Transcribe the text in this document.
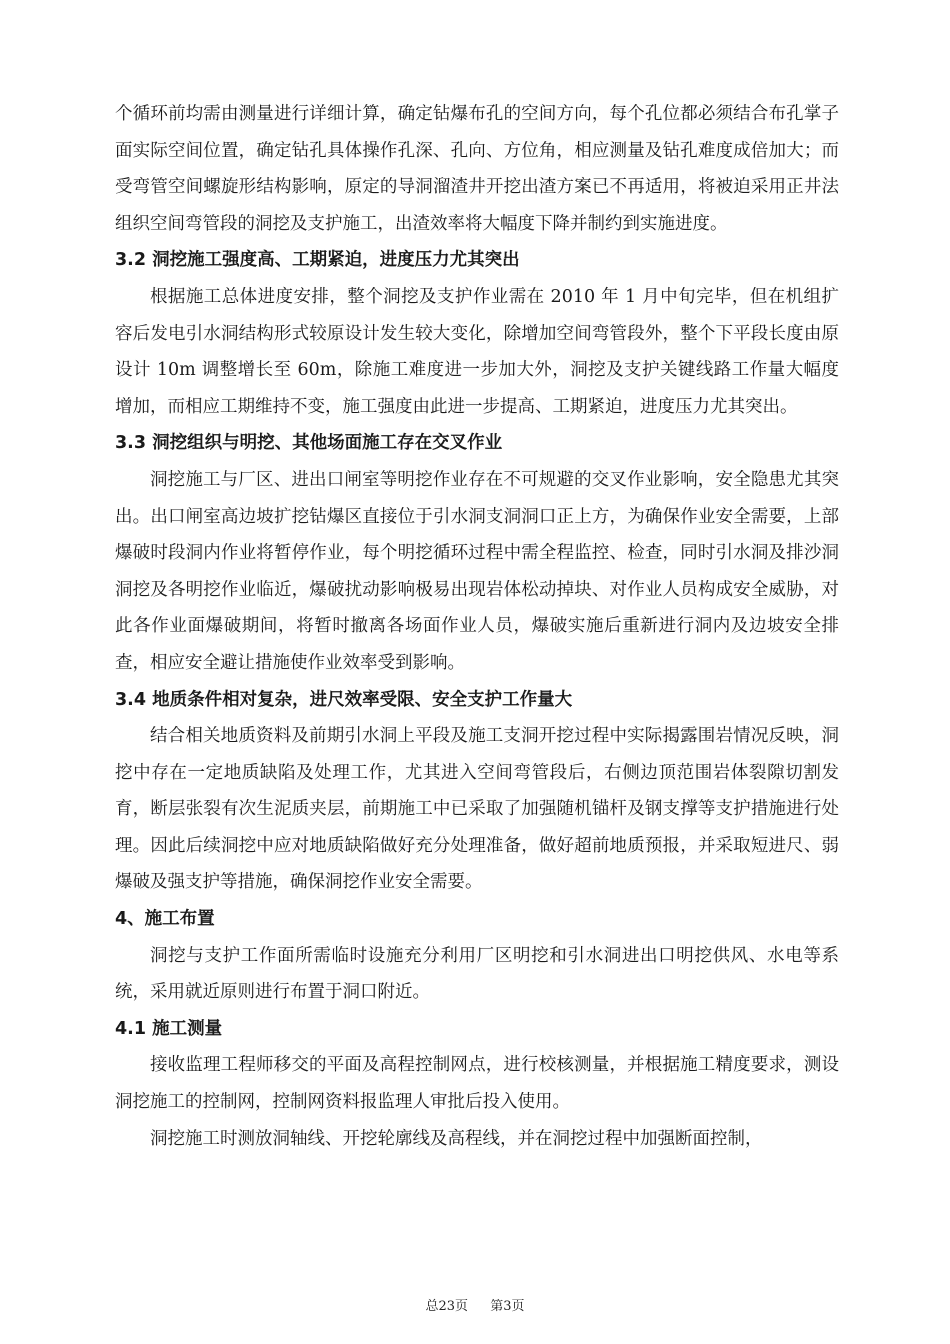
个循环前均需由测量进行详细计算，确定钻爆布孔的空间方向，每个孔位都必须结合布孔掌子面实际空间位置，确定钻孔具体操作孔深、孔向、方位角，相应测量及钻孔难度成倍加大；而受弯管空间螺旋形结构影响，原定的导洞溜渣井开挖出渣方案已不再适用，将被迫采用正井法组织空间弯管段的洞挖及支护施工，出渣效率将大幅度下降并制约到实施进度。

3.2 洞挖施工强度高、工期紧迫，进度压力尤其突出

根据施工总体进度安排，整个洞挖及支护作业需在 2010 年 1 月中旬完毕，但在机组扩容后发电引水洞结构形式较原设计发生较大变化，除增加空间弯管段外，整个下平段长度由原设计 10m 调整增长至 60m，除施工难度进一步加大外，洞挖及支护关键线路工作量大幅度增加，而相应工期维持不变，施工强度由此进一步提高、工期紧迫，进度压力尤其突出。

3.3 洞挖组织与明挖、其他场面施工存在交叉作业

洞挖施工与厂区、进出口闸室等明挖作业存在不可规避的交叉作业影响，安全隐患尤其突出。出口闸室高边坡扩挖钻爆区直接位于引水洞支洞洞口正上方，为确保作业安全需要，上部爆破时段洞内作业将暂停作业，每个明挖循环过程中需全程监控、检查，同时引水洞及排沙洞洞挖及各明挖作业临近，爆破扰动影响极易出现岩体松动掉块、对作业人员构成安全威胁，对此各作业面爆破期间，将暂时撤离各场面作业人员，爆破实施后重新进行洞内及边坡安全排查，相应安全避让措施使作业效率受到影响。

3.4 地质条件相对复杂，进尺效率受限、安全支护工作量大

结合相关地质资料及前期引水洞上平段及施工支洞开挖过程中实际揭露围岩情况反映，洞挖中存在一定地质缺陷及处理工作，尤其进入空间弯管段后，右侧边顶范围岩体裂隙切割发育，断层张裂有次生泥质夹层，前期施工中已采取了加强随机锚杆及钢支撑等支护措施进行处理。因此后续洞挖中应对地质缺陷做好充分处理准备，做好超前地质预报，并采取短进尺、弱爆破及强支护等措施，确保洞挖作业安全需要。

4、施工布置

洞挖与支护工作面所需临时设施充分利用厂区明挖和引水洞进出口明挖供风、水电等系统，采用就近原则进行布置于洞口附近。

4.1 施工测量

接收监理工程师移交的平面及高程控制网点，进行校核测量，并根据施工精度要求，测设洞挖施工的控制网，控制网资料报监理人审批后投入使用。

洞挖施工时测放洞轴线、开挖轮廓线及高程线，并在洞挖过程中加强断面控制，

总23页 第3页
